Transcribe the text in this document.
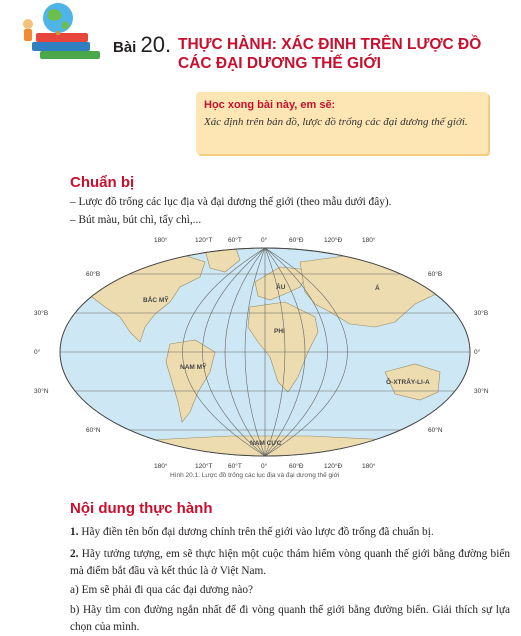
Bài 20. THỰC HÀNH: XÁC ĐỊNH TRÊN LƯỢC ĐỒ
CÁC ĐẠI DƯƠNG THẾ GIỚI
Học xong bài này, em sẽ:
Xác định trên bản đồ, lược đồ trống các đại dương thế giới.
Chuẩn bị
– Lược đồ trống các lục địa và đại dương thế giới (theo mẫu dưới đây).
– Bút màu, bút chì, tẩy chì,...
180°	120°T 60°T	0°	60°Đ	120°Đ	180°
180°	120°T 60°T	0°	60°Đ	120°Đ	180°
60°B
30°B
0°
30°N
60°N
60°B
30°B
0°
30°N
60°N
BẮC MỸ
NAM MỸ
ÂU	Á
PHI
Ô-XTRÂY-LI-A
NAM CỰC
Hình 20.1. Lược đồ trống các lục địa và đại dương thế giới
Nội dung thực hành
1. Hãy điền tên bốn đại dương chính trên thế giới vào lược đồ trống đã chuẩn bị.
2. Hãy tưởng tượng, em sẽ thực hiện một cuộc thám hiểm vòng quanh thế giới bằng đường biển mà điểm bắt đầu và kết thúc là ở Việt Nam.
a) Em sẽ phải đi qua các đại dương nào?
b) Hãy tìm con đường ngắn nhất để đi vòng quanh thế giới bằng đường biển. Giải thích sự lựa chọn của mình.
